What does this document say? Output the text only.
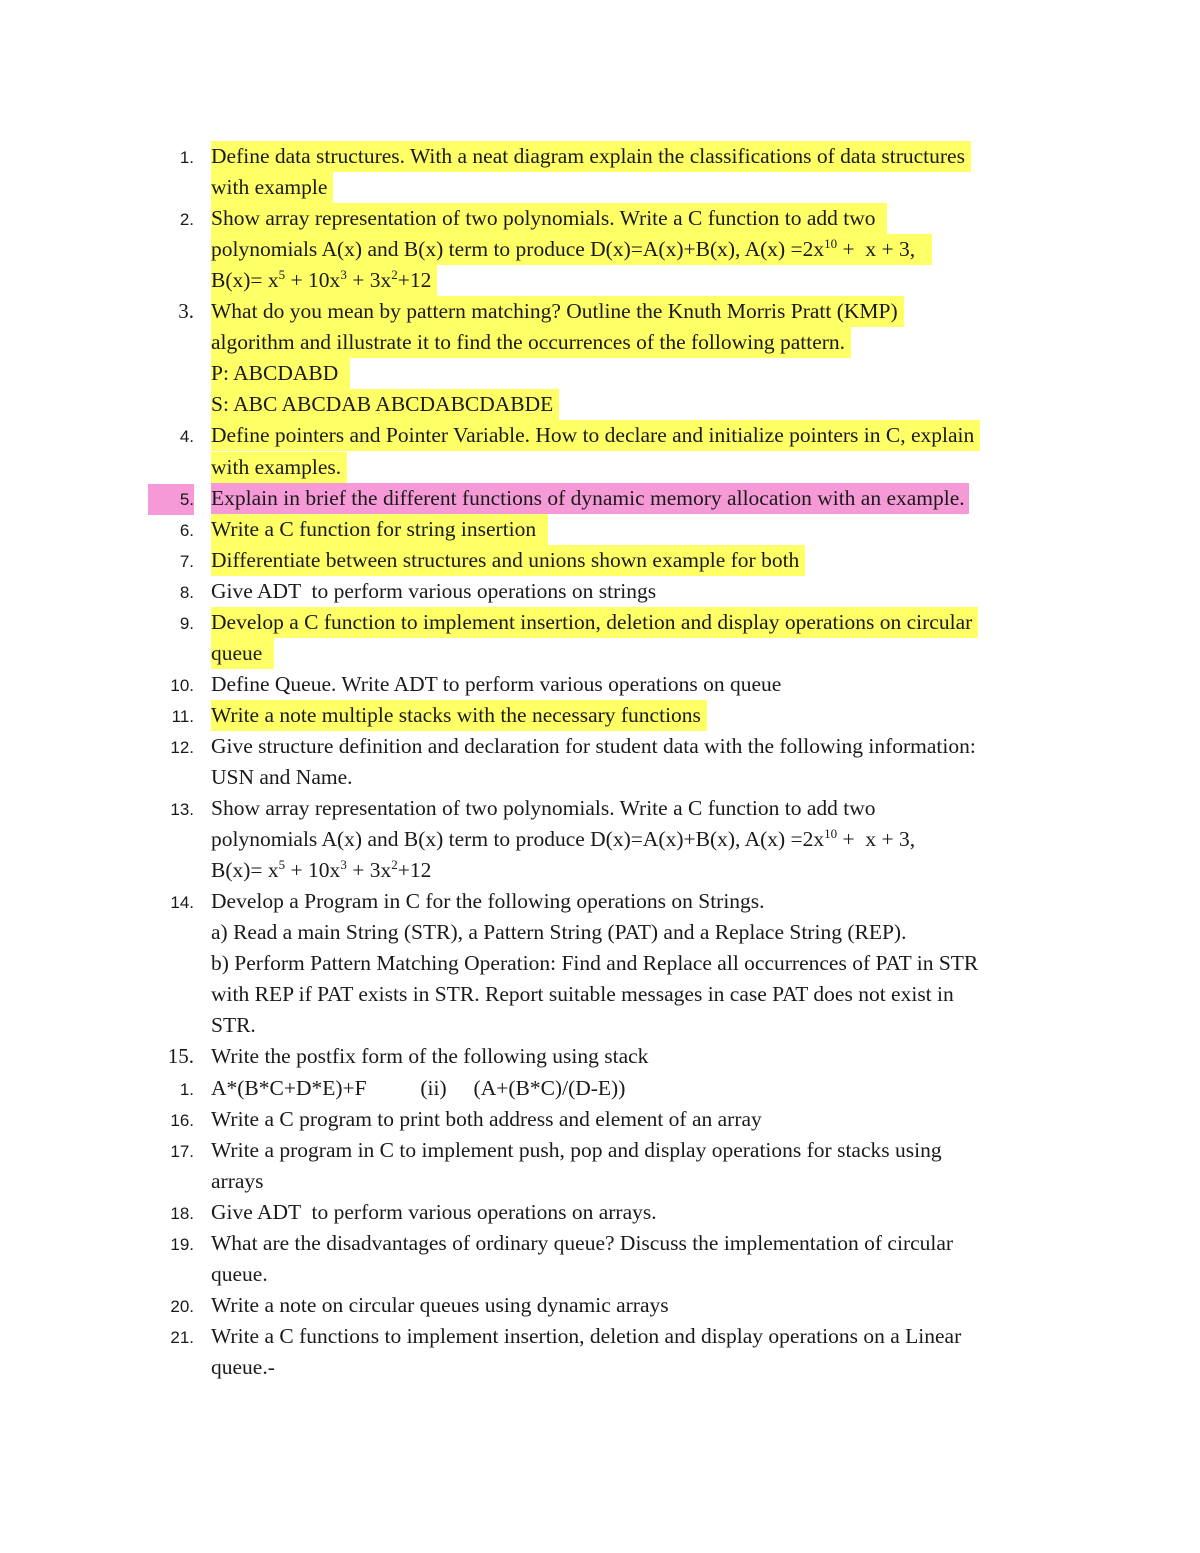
1. Define data structures. With a neat diagram explain the classifications of data structures
with example
2. Show array representation of two polynomials. Write a C function to add two
polynomials A(x) and B(x) term to produce D(x)=A(x)+B(x), $A(x) =2x^{10} + x + 3$,
$B(x)= x^5 + 10x^3 + 3x^2+12$
3. What do you mean by pattern matching? Outline the Knuth Morris Pratt (KMP)
algorithm and illustrate it to find the occurrences of the following pattern.
P: ABCDABD
S: ABC ABCDAB ABCDABCDABDE
4. Define pointers and Pointer Variable. How to declare and initialize pointers in C, explain
with examples.
5. Explain in brief the different functions of dynamic memory allocation with an example.
6. Write a C function for string insertion
7. Differentiate between structures and unions shown example for both
8. Give ADT  to perform various operations on strings
9. Develop a C function to implement insertion, deletion and display operations on circular
queue
10. Define Queue. Write ADT to perform various operations on queue
11. Write a note multiple stacks with the necessary functions
12. Give structure definition and declaration for student data with the following information:
USN and Name.
13. Show array representation of two polynomials. Write a C function to add two
polynomials A(x) and B(x) term to produce D(x)=A(x)+B(x), $A(x) =2x^{10} + x + 3$,
$B(x)= x^5 + 10x^3 + 3x^2+12$
14. Develop a Program in C for the following operations on Strings.
a) Read a main String (STR), a Pattern String (PAT) and a Replace String (REP).
b) Perform Pattern Matching Operation: Find and Replace all occurrences of PAT in STR
with REP if PAT exists in STR. Report suitable messages in case PAT does not exist in
STR.
15. Write the postfix form of the following using stack
1. A*(B*C+D*E)+F          (ii)     (A+(B*C)/(D-E))
16. Write a C program to print both address and element of an array
17. Write a program in C to implement push, pop and display operations for stacks using
arrays
18. Give ADT  to perform various operations on arrays.
19. What are the disadvantages of ordinary queue? Discuss the implementation of circular
queue.
20. Write a note on circular queues using dynamic arrays
21. Write a C functions to implement insertion, deletion and display operations on a Linear
queue.-
